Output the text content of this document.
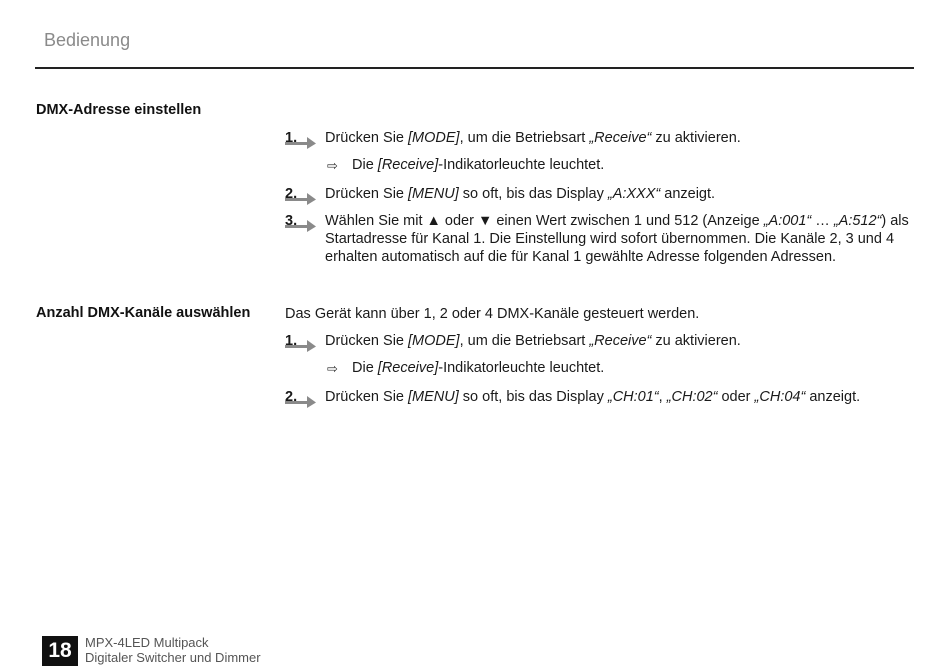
Bedienung
DMX-Adresse einstellen
1. Drücken Sie [MODE], um die Betriebsart „Receive“ zu aktivieren.
⇨ Die [Receive]-Indikatorleuchte leuchtet.
2. Drücken Sie [MENU] so oft, bis das Display „A:XXX“ anzeigt.
3. Wählen Sie mit ▲ oder ▼ einen Wert zwischen 1 und 512 (Anzeige „A:001“ … „A:512“) als Startadresse für Kanal 1. Die Einstellung wird sofort übernommen. Die Kanäle 2, 3 und 4 erhalten automatisch auf die für Kanal 1 gewählte Adresse folgenden Adressen.
Anzahl DMX-Kanäle auswählen Das Gerät kann über 1, 2 oder 4 DMX-Kanäle gesteuert werden.
1. Drücken Sie [MODE], um die Betriebsart „Receive“ zu aktivieren.
⇨ Die [Receive]-Indikatorleuchte leuchtet.
2. Drücken Sie [MENU] so oft, bis das Display „CH:01“, „CH:02“ oder „CH:04“ anzeigt.
18	MPX-4LED Multipack
Digitaler Switcher und Dimmer
